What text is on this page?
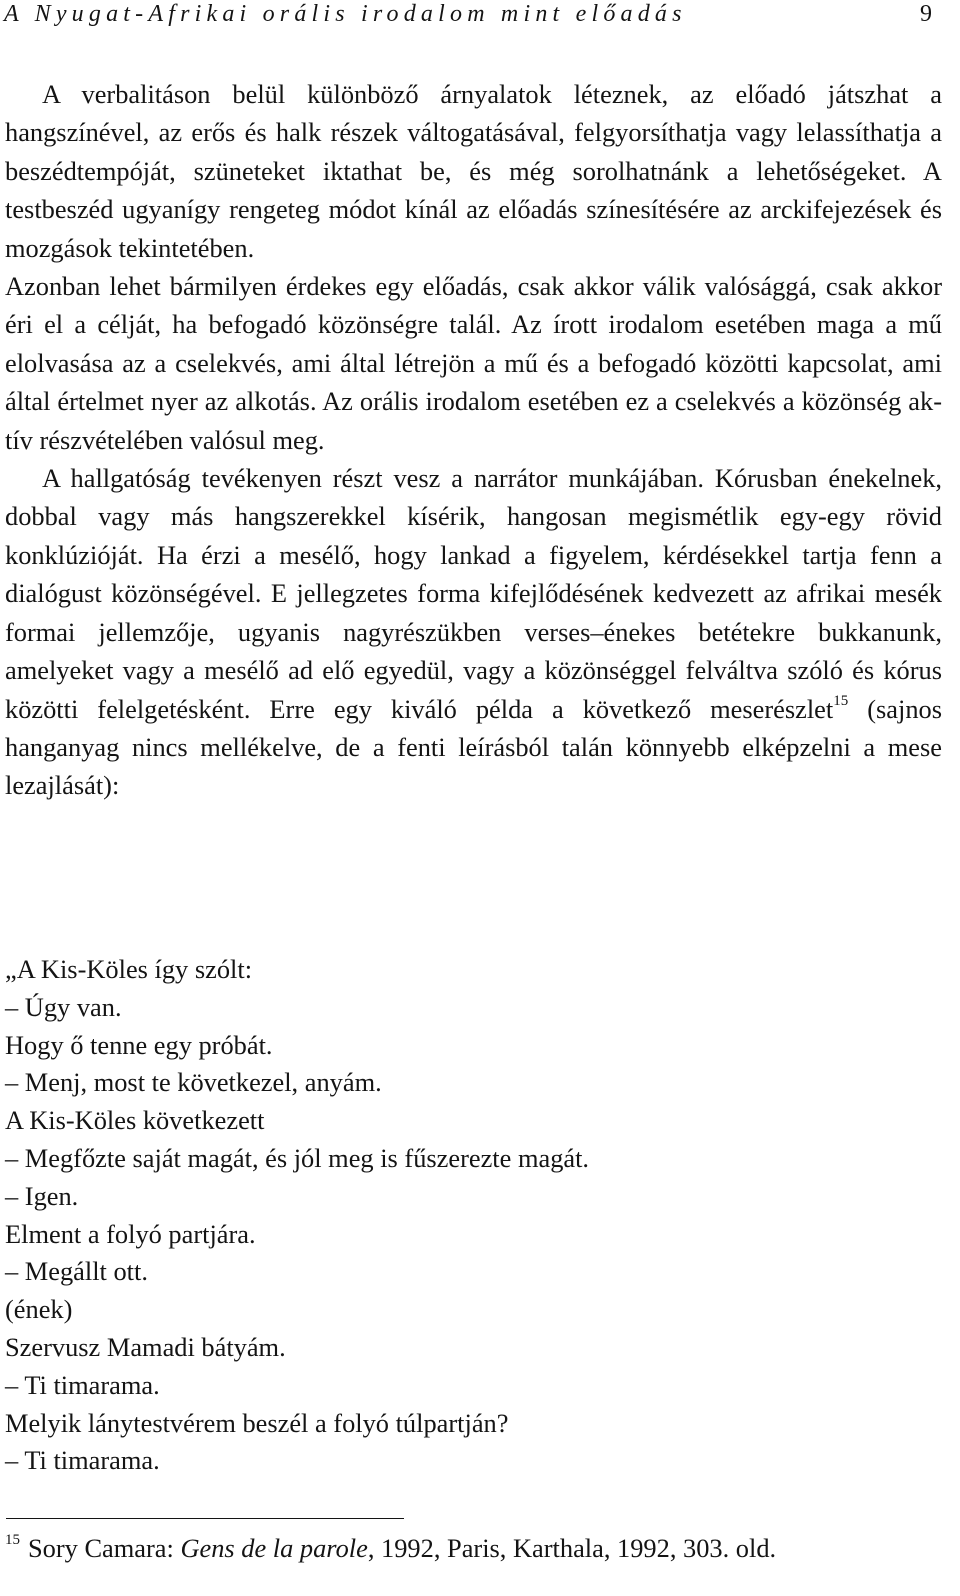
A Nyugat-Afrikai orális irodalom mint előadás	9

A verbalitáson belül különböző árnyalatok léteznek, az előadó játszhat a hangszínével, az erős és halk részek váltogatásával, felgyorsíthatja vagy lelassíthatja a beszédtempóját, szüneteket iktathat be, és még sorolhatnánk a lehetőségeket. A testbeszéd ugyanígy rengeteg módot kínál az előadás színesítésére az arckifejezések és mozgások tekintetében.

Azonban lehet bármilyen érdekes egy előadás, csak akkor válik valósággá, csak akkor éri el a célját, ha befogadó közönségre talál. Az írott irodalom esetében maga a mű elolvasása az a cselekvés, ami által létrejön a mű és a befogadó közötti kapcsolat, ami által értelmet nyer az alkotás. Az orális irodalom esetében ez a cselekvés a közönség aktív részvételében valósul meg.

A hallgatóság tevékenyen részt vesz a narrátor munkájában. Kórusban énekelnek, dobbal vagy más hangszerekkel kísérik, hangosan megismétlik egy-egy rövid konklúzióját. Ha érzi a mesélő, hogy lankad a figyelem, kérdésekkel tartja fenn a dialógust közönségével. E jellegzetes forma kifejlődésének kedvezett az afrikai mesék formai jellemzője, ugyanis nagyrészükben verses–énekes betétekre bukkanunk, amelyeket vagy a mesélő ad elő egyedül, vagy a közönséggel felváltva szóló és kórus közötti felelgetésként. Erre egy kiváló példa a következő meserészlet$^{15}$ (sajnos hanganyag nincs mellékelve, de a fenti leírásból talán könnyebb elképzelni a mese lezajlását):

„A Kis-Köles így szólt:
– Úgy van.
Hogy ő tenne egy próbát.
– Menj, most te következel, anyám.
A Kis-Köles következett
– Megfőzte saját magát, és jól meg is fűszerezte magát.
– Igen.
Elment a folyó partjára.
– Megállt ott.
(ének)
Szervusz Mamadi bátyám.
– Ti timarama.
Melyik lánytestvérem beszél a folyó túlpartján?
– Ti timarama.
$^{15}$ Sory Camara: Gens de la parole, 1992, Paris, Karthala, 1992, 303. old.
